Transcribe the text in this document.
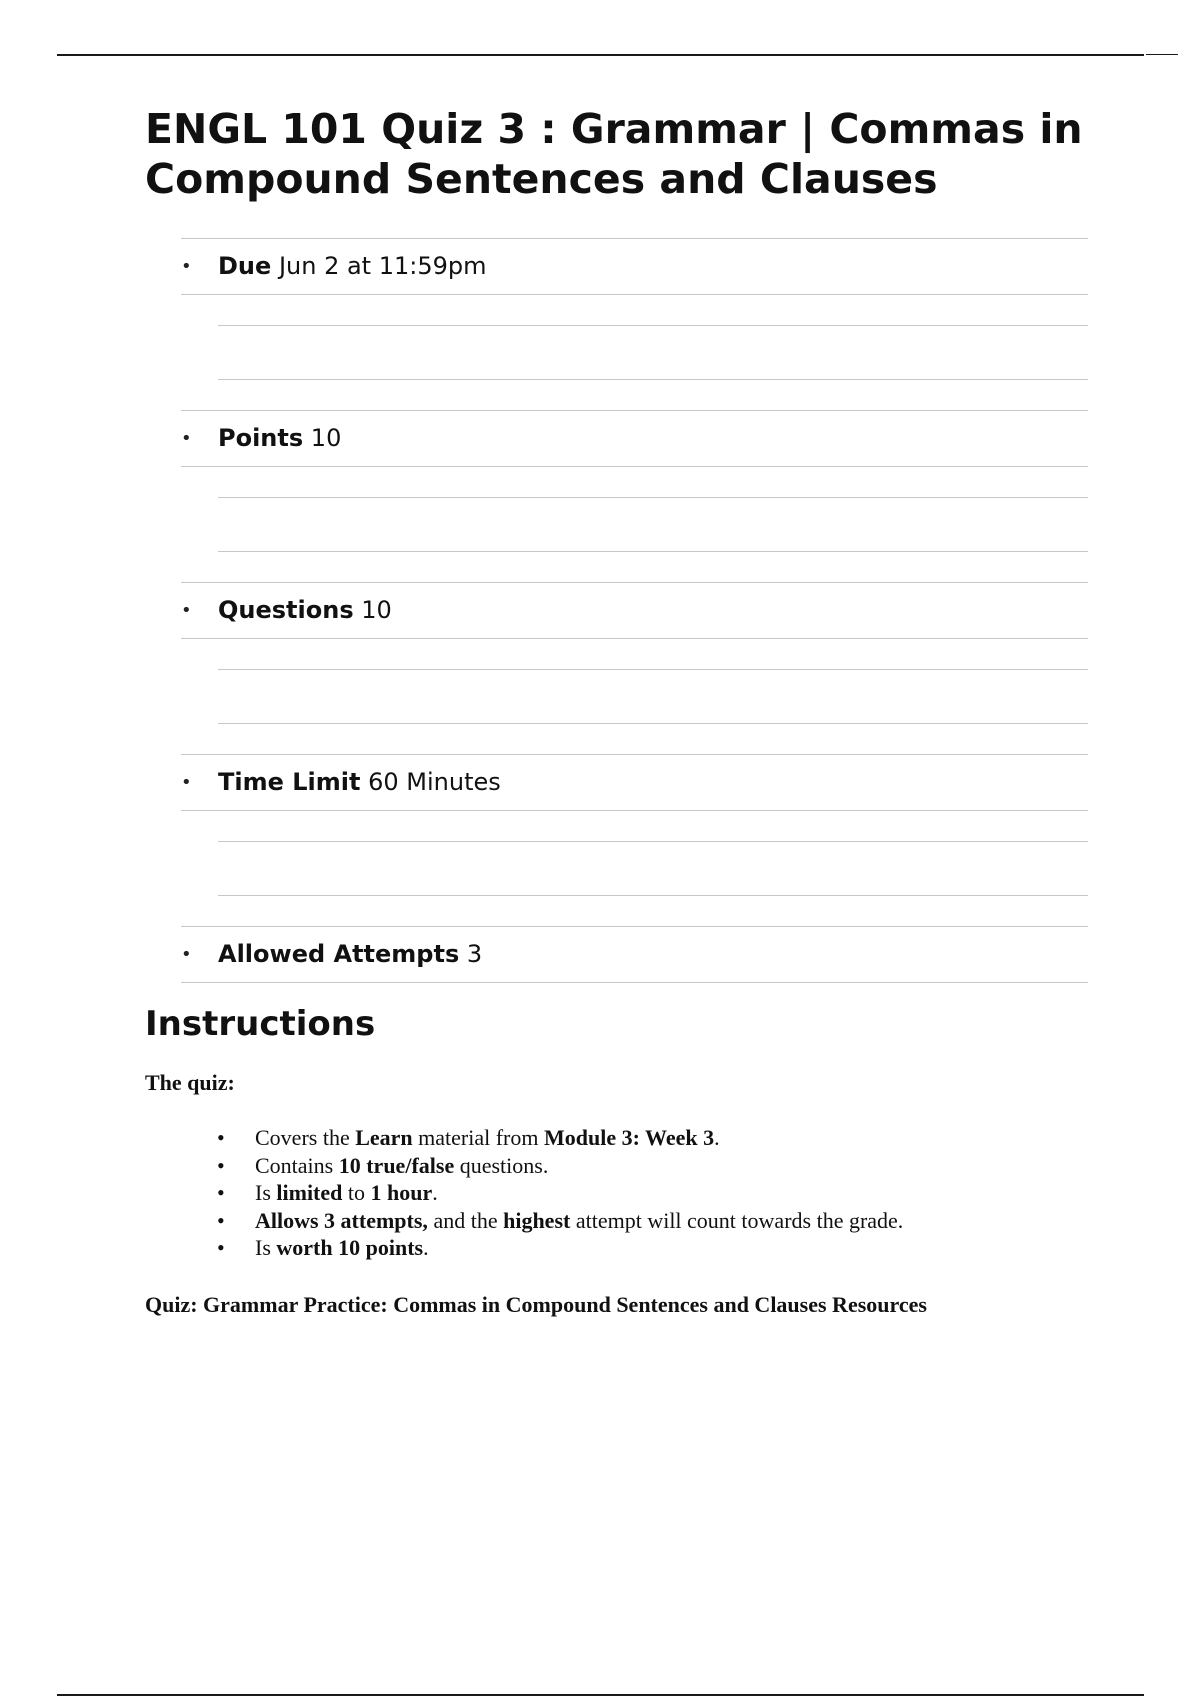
ENGL 101 Quiz 3 : Grammar | Commas in Compound Sentences and Clauses
• Due Jun 2 at 11:59pm
• Points 10
• Questions 10
• Time Limit 60 Minutes
• Allowed Attempts 3
Instructions

The quiz:

• Covers the Learn material from Module 3: Week 3.
• Contains 10 true/false questions.
• Is limited to 1 hour.
• Allows 3 attempts, and the highest attempt will count towards the grade.
• Is worth 10 points.

Quiz: Grammar Practice: Commas in Compound Sentences and Clauses Resources
